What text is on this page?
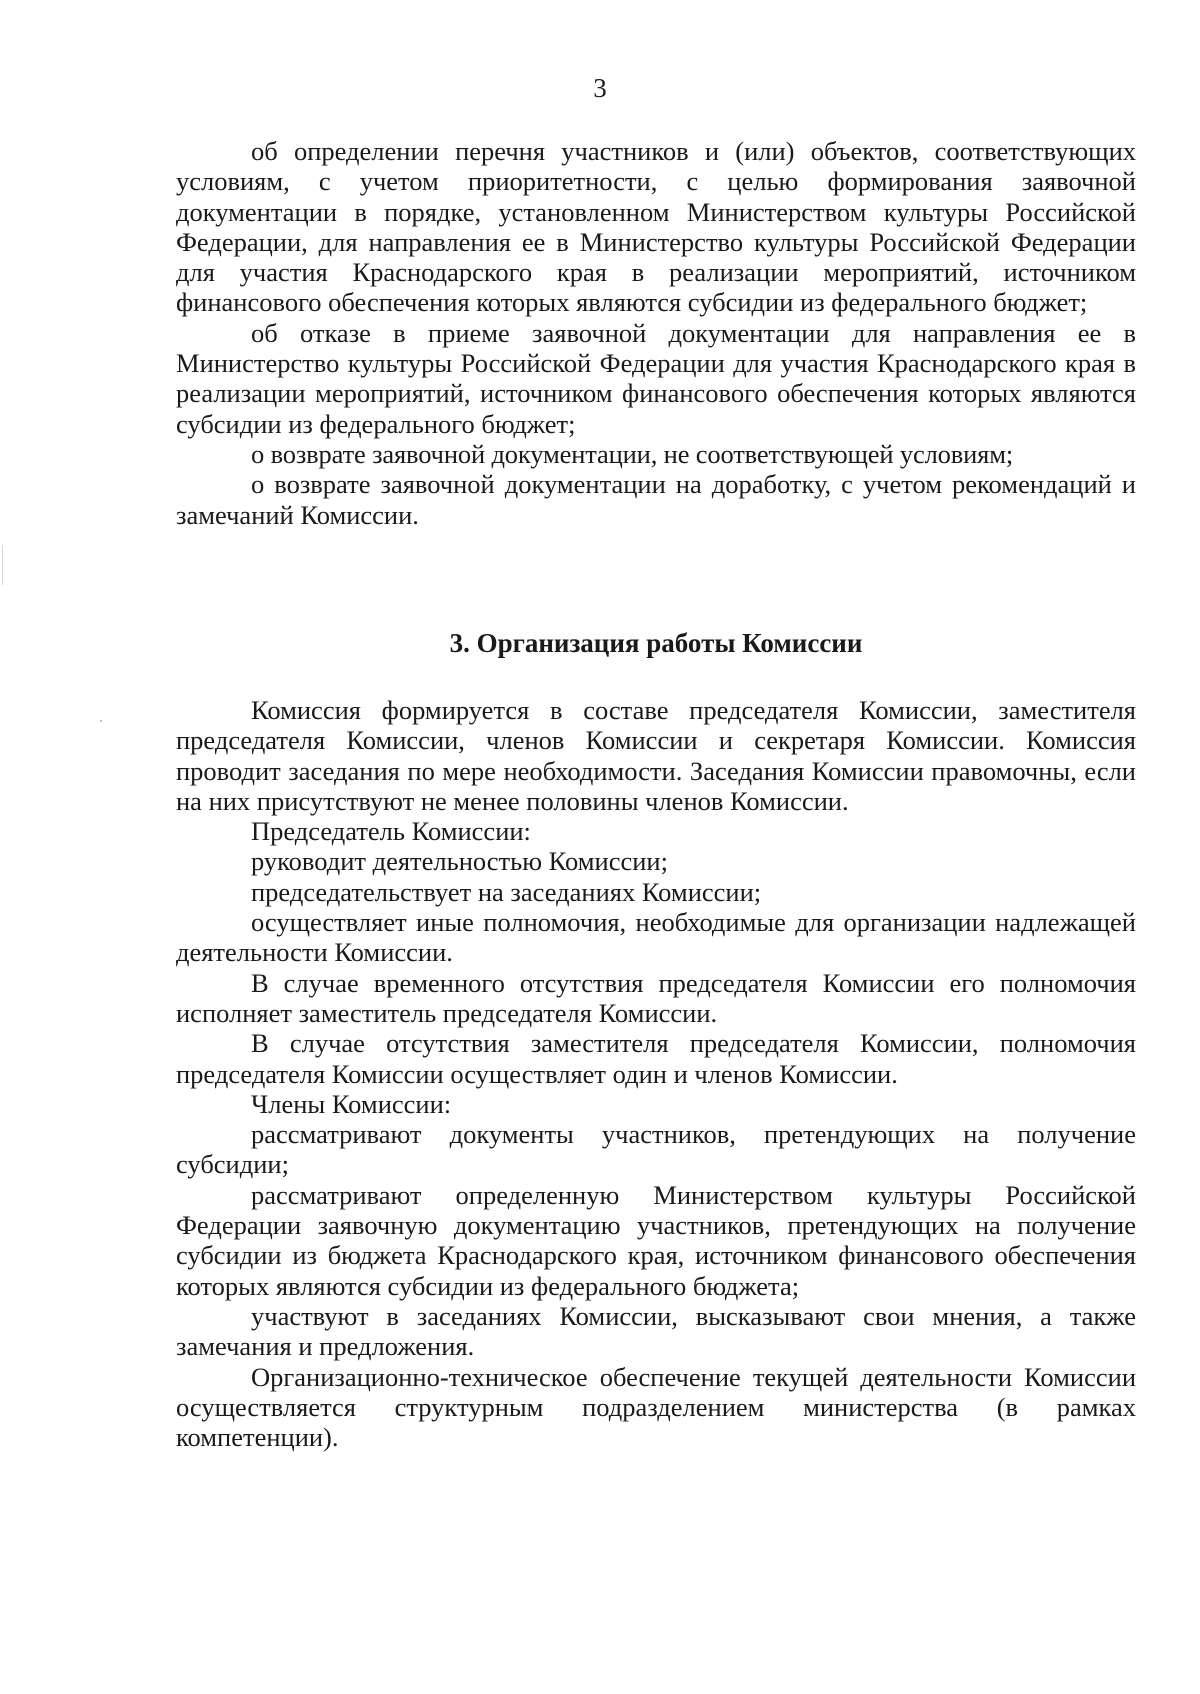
3

об определении перечня участников и (или) объектов, соответствующих условиям, с учетом приоритетности, с целью формирования заявочной документации в порядке, установленном Министерством культуры Российской Федерации, для направления ее в Министерство культуры Российской Федерации для участия Краснодарского края в реализации мероприятий, источником финансового обеспечения которых являются субсидии из федерального бюджет;

об отказе в приеме заявочной документации для направления ее в Министерство культуры Российской Федерации для участия Краснодарского края в реализации мероприятий, источником финансового обеспечения которых являются субсидии из федерального бюджет;

о возврате заявочной документации, не соответствующей условиям;

о возврате заявочной документации на доработку, с учетом рекомендаций и замечаний Комиссии.

3. Организация работы Комиссии

Комиссия формируется в составе председателя Комиссии, заместителя председателя Комиссии, членов Комиссии и секретаря Комиссии. Комиссия проводит заседания по мере необходимости. Заседания Комиссии правомочны, если на них присутствуют не менее половины членов Комиссии.

Председатель Комиссии:

руководит деятельностью Комиссии;

председательствует на заседаниях Комиссии;

осуществляет иные полномочия, необходимые для организации надлежащей деятельности Комиссии.

В случае временного отсутствия председателя Комиссии его полномочия исполняет заместитель председателя Комиссии.

В случае отсутствия заместителя председателя Комиссии, полномочия председателя Комиссии осуществляет один и членов Комиссии.

Члены Комиссии:

рассматривают документы участников, претендующих на получение субсидии;

рассматривают определенную Министерством культуры Российской Федерации заявочную документацию участников, претендующих на получение субсидии из бюджета Краснодарского края, источником финансового обеспечения которых являются субсидии из федерального бюджета;

участвуют в заседаниях Комиссии, высказывают свои мнения, а также замечания и предложения.

Организационно-техническое обеспечение текущей деятельности Комиссии осуществляется структурным подразделением министерства (в рамках компетенции).
